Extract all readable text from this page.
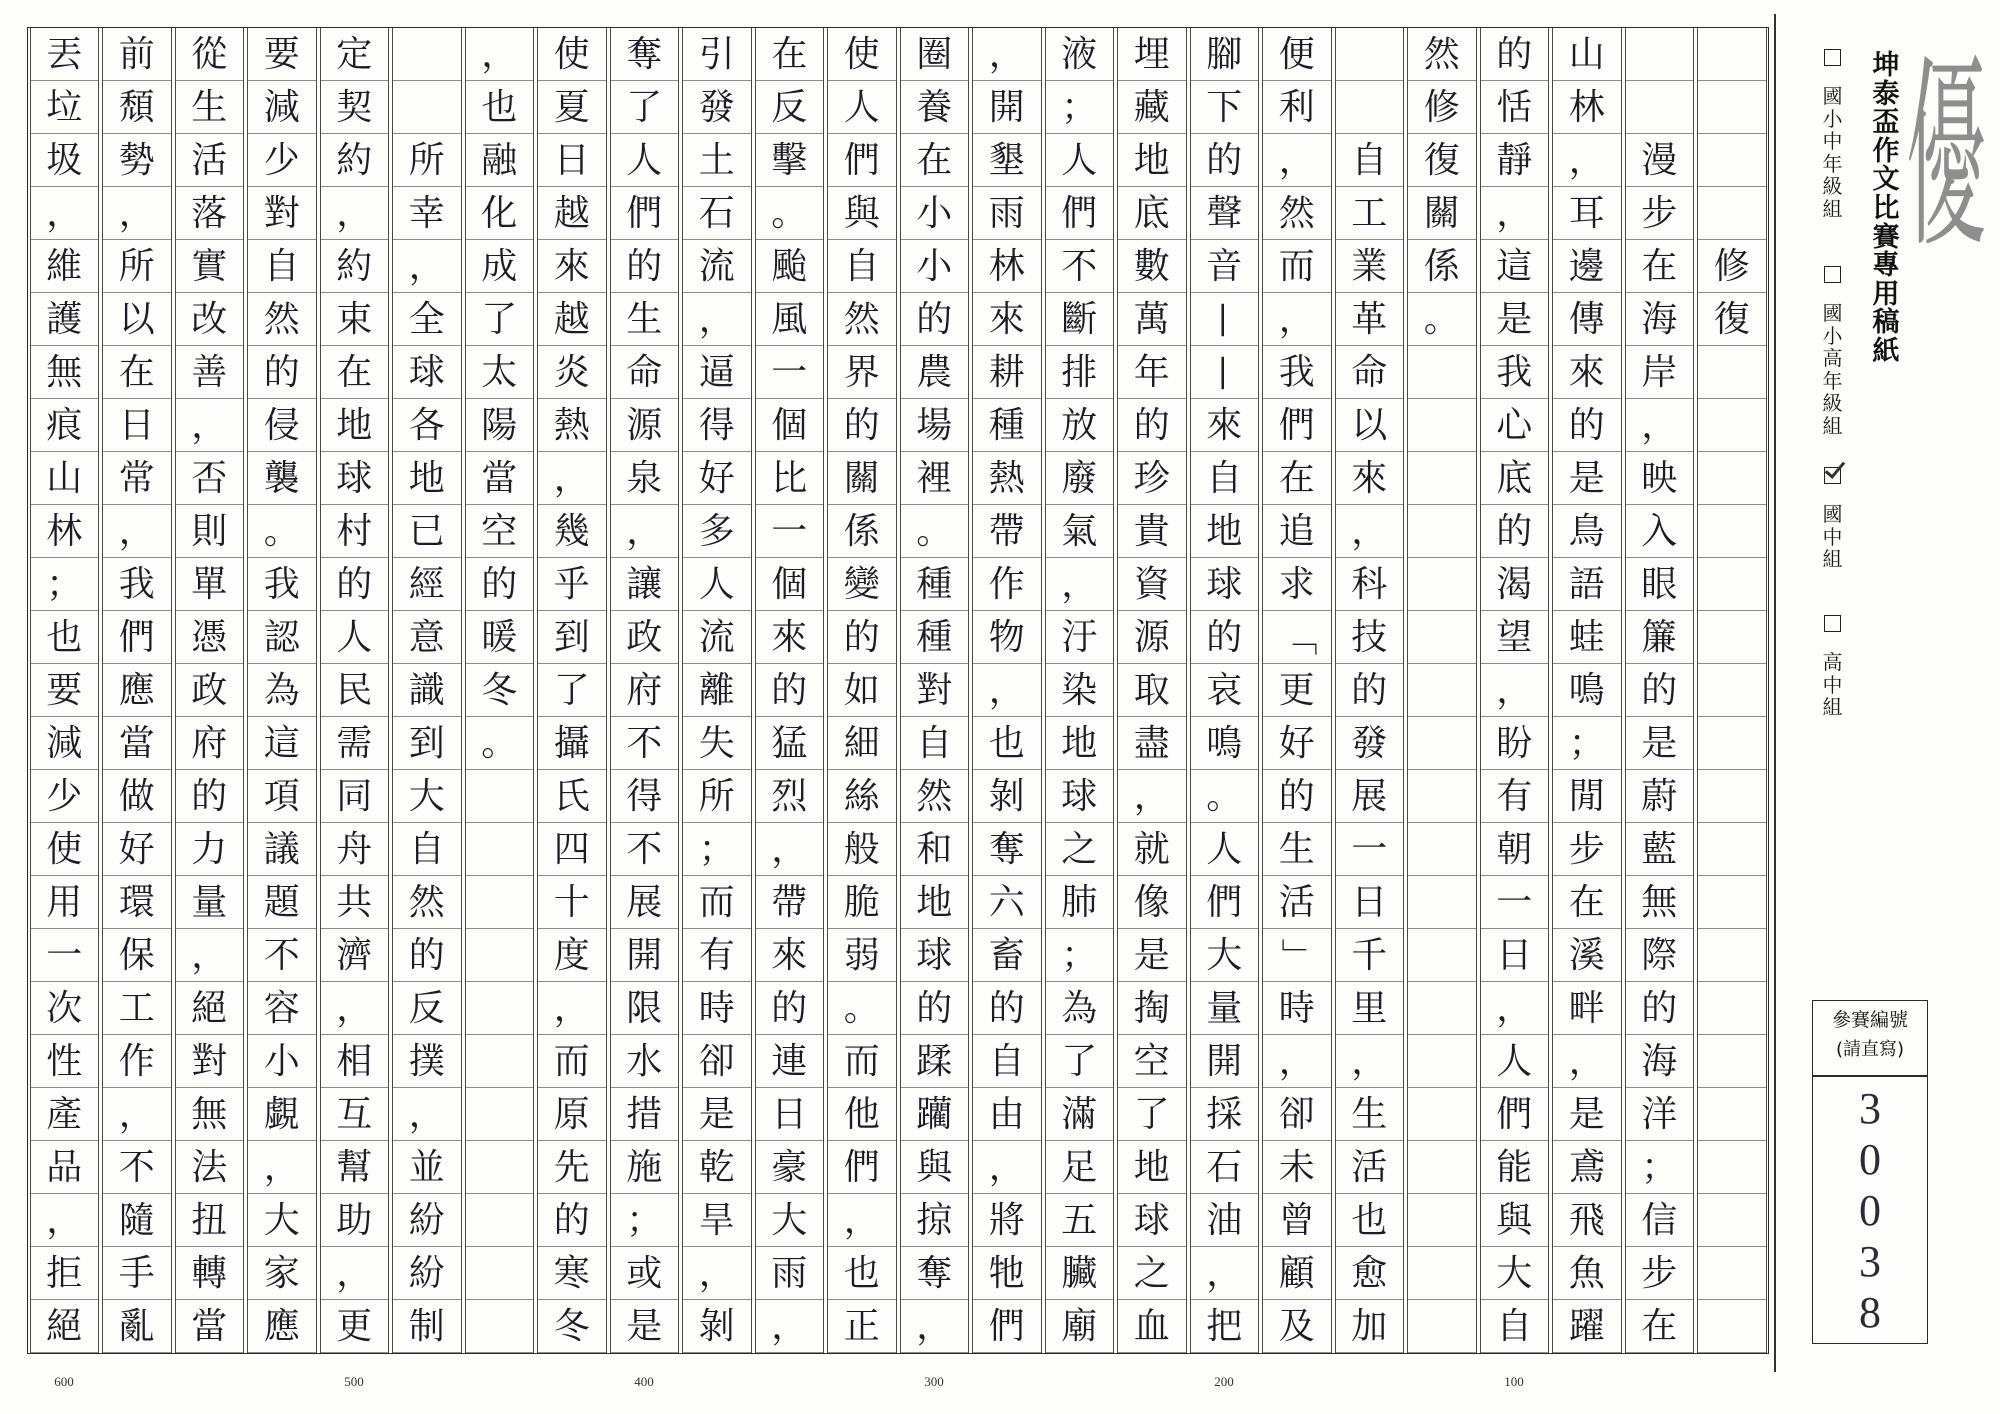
修
復
漫
步
在
海
岸
，
映
入
眼
簾
的
是
蔚
藍
無
際
的
海
洋
；
信
步
在
山
林
，
耳
邊
傳
來
的
是
鳥
語
蛙
鳴
；
閒
步
在
溪
畔
，
是
鳶
飛
魚
躍
的
恬
靜
，
這
是
我
心
底
的
渴
望
，
盼
有
朝
一
日
，
人
們
能
與
大
自
然
修
復
關
係
。
自
工
業
革
命
以
來
，
科
技
的
發
展
一
日
千
里
，
生
活
也
愈
加
便
利
，
然
而
，
我
們
在
追
求
「
更
好
的
生
活
」
時
，
卻
未
曾
顧
及
腳
下
的
聲
音
—
—
來
自
地
球
的
哀
鳴
。
人
們
大
量
開
採
石
油
，
把
埋
藏
地
底
數
萬
年
的
珍
貴
資
源
取
盡
，
就
像
是
掏
空
了
地
球
之
血
液
；
人
們
不
斷
排
放
廢
氣
，
汙
染
地
球
之
肺
；
為
了
滿
足
五
臟
廟
，
開
墾
雨
林
來
耕
種
熱
帶
作
物
，
也
剝
奪
六
畜
的
自
由
，
將
牠
們
圈
養
在
小
小
的
農
場
裡
。
種
種
對
自
然
和
地
球
的
蹂
躪
與
掠
奪
，
使
人
們
與
自
然
界
的
關
係
變
的
如
細
絲
般
脆
弱
。
而
他
們
，
也
正
在
反
擊
。
颱
風
一
個
比
一
個
來
的
猛
烈
，
帶
來
的
連
日
豪
大
雨
，
引
發
土
石
流
，
逼
得
好
多
人
流
離
失
所
；
而
有
時
卻
是
乾
旱
，
剝
奪
了
人
們
的
生
命
源
泉
，
讓
政
府
不
得
不
展
開
限
水
措
施
；
或
是
使
夏
日
越
來
越
炎
熱
，
幾
乎
到
了
攝
氏
四
十
度
，
而
原
先
的
寒
冬
，
也
融
化
成
了
太
陽
當
空
的
暖
冬
。
所
幸
，
全
球
各
地
已
經
意
識
到
大
自
然
的
反
撲
，
並
紛
紛
制
定
契
約
，
約
束
在
地
球
村
的
人
民
需
同
舟
共
濟
，
相
互
幫
助
，
更
要
減
少
對
自
然
的
侵
襲
。
我
認
為
這
項
議
題
不
容
小
覷
，
大
家
應
從
生
活
落
實
改
善
，
否
則
單
憑
政
府
的
力
量
，
絕
對
無
法
扭
轉
當
前
頹
勢
，
所
以
在
日
常
，
我
們
應
當
做
好
環
保
工
作
，
不
隨
手
亂
丟
垃
圾
，
維
護
無
痕
山
林
；
也
要
減
少
使
用
一
次
性
產
品
，
拒
絕
100
200
300
400
500
600
坤泰盃作文比賽專用稿紙
國小中年級組
國小高年級組
國中組
高中組
優
參賽編號
(請直寫)
30038
